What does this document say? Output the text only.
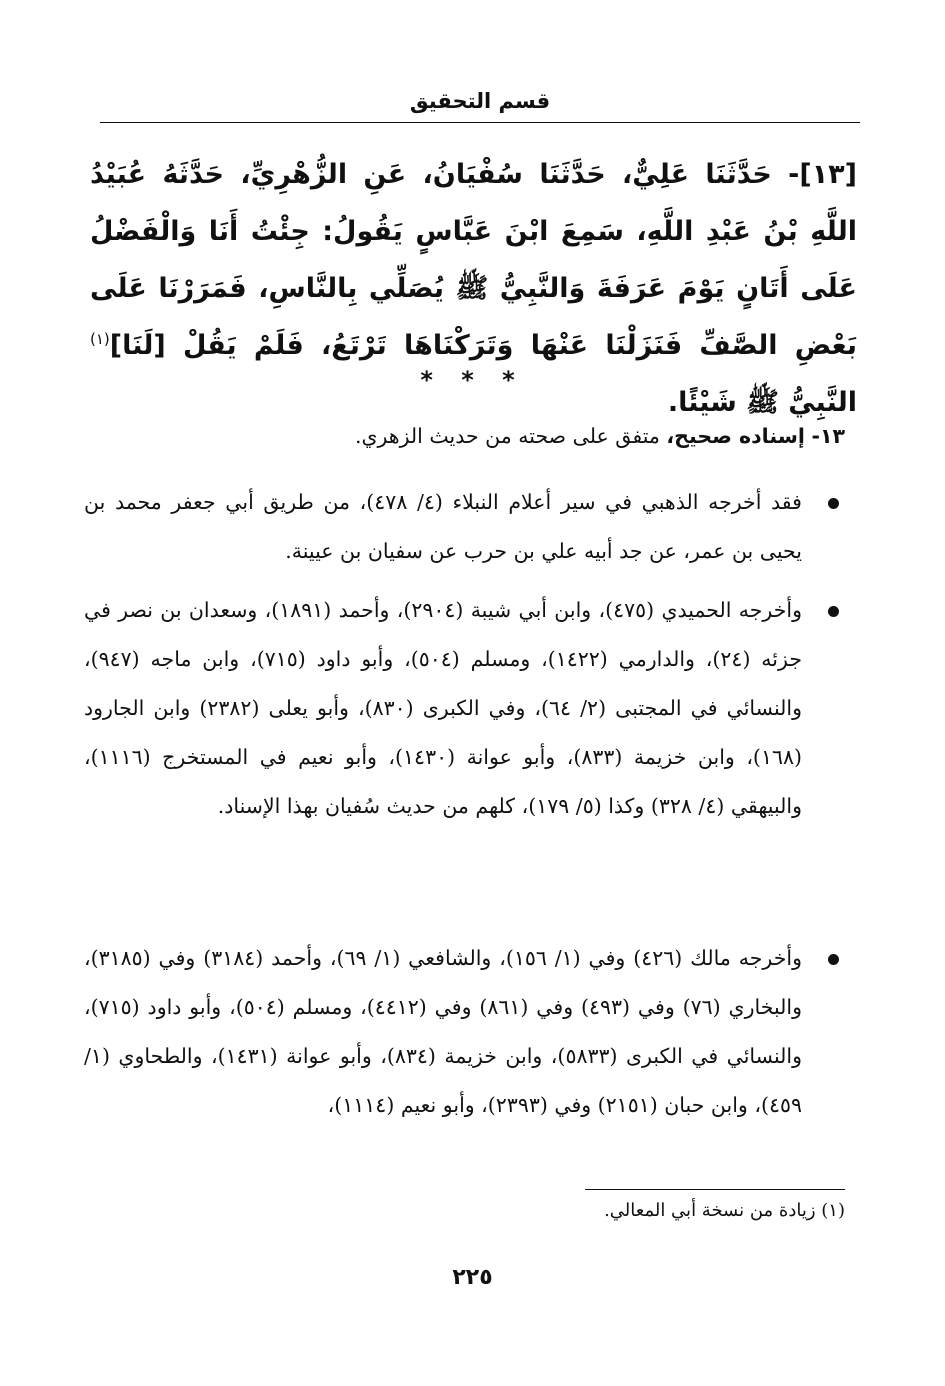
قسم التحقيق
[١٣]- حَدَّثَنَا عَلِيٌّ، حَدَّثَنَا سُفْيَانُ، عَنِ الزُّهْرِيِّ، حَدَّثَهُ عُبَيْدُ اللَّهِ بْنُ عَبْدِ اللَّهِ، سَمِعَ ابْنَ عَبَّاسٍ يَقُولُ: جِئْتُ أَنَا وَالْفَضْلُ عَلَى أَتَانٍ يَوْمَ عَرَفَةَ وَالنَّبِيُّ ﷺ يُصَلِّي بِالنَّاسِ، فَمَرَرْنَا عَلَى بَعْضِ الصَّفِّ فَنَزَلْنَا عَنْهَا وَتَرَكْنَاهَا تَرْتَعُ، فَلَمْ يَقُلْ [لَنَا]$^{(١)}$ النَّبِيُّ ﷺ شَيْئًا.
* * *
١٣- إسناده صحيح، متفق على صحته من حديث الزهري.
فقد أخرجه الذهبي في سير أعلام النبلاء (٤/ ٤٧٨)، من طريق أبي جعفر محمد بن يحيى بن عمر، عن جد أبيه علي بن حرب عن سفيان بن عيينة.
وأخرجه الحميدي (٤٧٥)، وابن أبي شيبة (٢٩٠٤)، وأحمد (١٨٩١)، وسعدان بن نصر في جزئه (٢٤)، والدارمي (١٤٢٢)، ومسلم (٥٠٤)، وأبو داود (٧١٥)، وابن ماجه (٩٤٧)، والنسائي في المجتبى (٢/ ٦٤)، وفي الكبرى (٨٣٠)، وأبو يعلى (٢٣٨٢) وابن الجارود (١٦٨)، وابن خزيمة (٨٣٣)، وأبو عوانة (١٤٣٠)، وأبو نعيم في المستخرج (١١١٦)، والبيهقي (٤/ ٣٢٨) وكذا (٥/ ١٧٩)، كلهم من حديث سُفيان بهذا الإسناد.
وأخرجه مالك (٤٢٦) وفي (١/ ١٥٦)، والشافعي (١/ ٦٩)، وأحمد (٣١٨٤) وفي (٣١٨٥)، والبخاري (٧٦) وفي (٤٩٣) وفي (٨٦١) وفي (٤٤١٢)، ومسلم (٥٠٤)، وأبو داود (٧١٥)، والنسائي في الكبرى (٥٨٣٣)، وابن خزيمة (٨٣٤)، وأبو عوانة (١٤٣١)، والطحاوي (١/ ٤٥٩)، وابن حبان (٢١٥١) وفي (٢٣٩٣)، وأبو نعيم (١١١٤)،
(١) زيادة من نسخة أبي المعالي.
٢٢٥
